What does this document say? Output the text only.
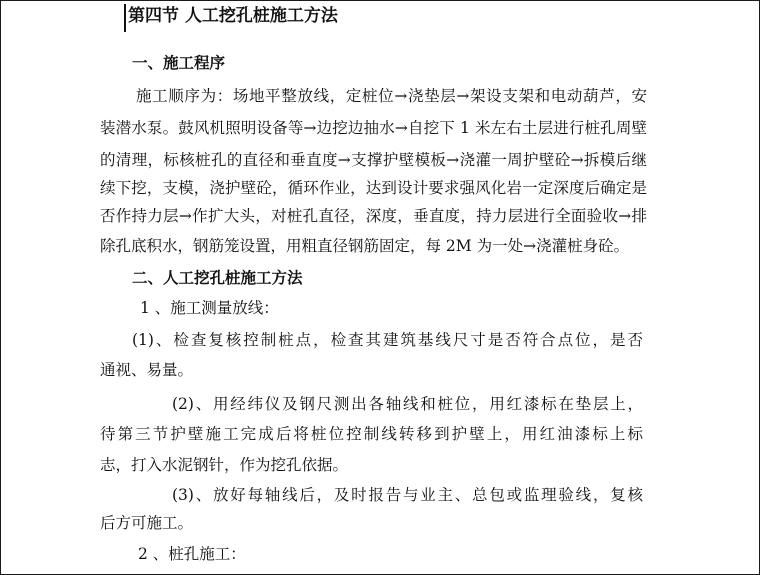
第四节 人工挖孔桩施工方法
一、施工程序
施工顺序为：场地平整放线，定桩位→浇垫层→架设支架和电动葫芦，安
装潜水泵。鼓风机照明设备等→边挖边抽水→自挖下 1 米左右土层进行桩孔周壁
的清理，标核桩孔的直径和垂直度→支撑护壁模板→浇灌一周护壁砼→拆模后继
续下挖，支模，浇护壁砼，循环作业，达到设计要求强风化岩一定深度后确定是
否作持力层→作扩大头，对桩孔直径，深度，垂直度，持力层进行全面验收→排
除孔底积水，钢筋笼设置，用粗直径钢筋固定，每 2M 为一处→浇灌桩身砼。
二、人工挖孔桩施工方法
1 、施工测量放线：
(1)、检查复核控制桩点，检查其建筑基线尺寸是否符合点位，是否
通视、易量。
(2)、用经纬仪及钢尺测出各轴线和桩位，用红漆标在垫层上，
待第三节护壁施工完成后将桩位控制线转移到护壁上，用红油漆标上标
志，打入水泥钢针，作为挖孔依据。
(3)、放好每轴线后，及时报告与业主、总包或监理验线，复核
后方可施工。
2 、桩孔施工：
